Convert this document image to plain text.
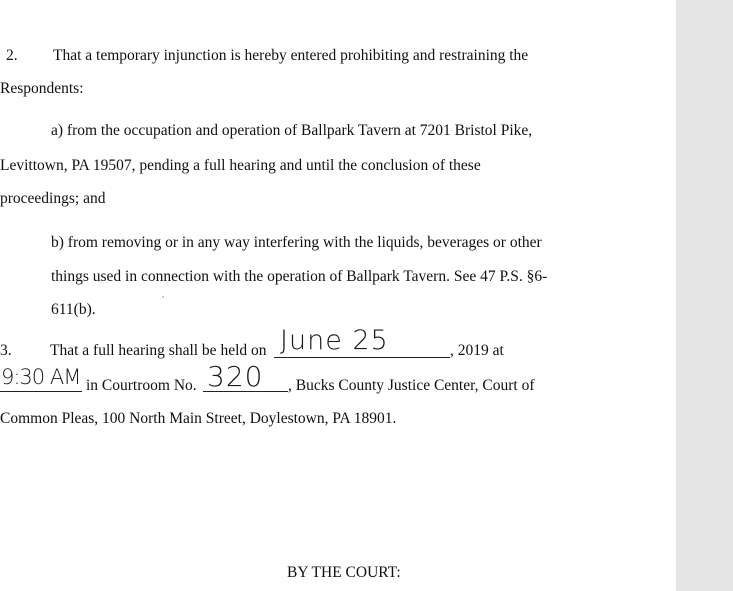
2. That a temporary injunction is hereby entered prohibiting and restraining the
Respondents:
a) from the occupation and operation of Ballpark Tavern at 7201 Bristol Pike,
Levittown, PA 19507, pending a full hearing and until the conclusion of these
proceedings; and
b) from removing or in any way interfering with the liquids, beverages or other
things used in connection with the operation of Ballpark Tavern. See 47 P.S. §6-
611(b).
3. That a full hearing shall be held on June 25	, 2019 at
9:30 AM in Courtroom No. 320 , Bucks County Justice Center, Court of
Common Pleas, 100 North Main Street, Doylestown, PA 18901.
BY THE COURT:
